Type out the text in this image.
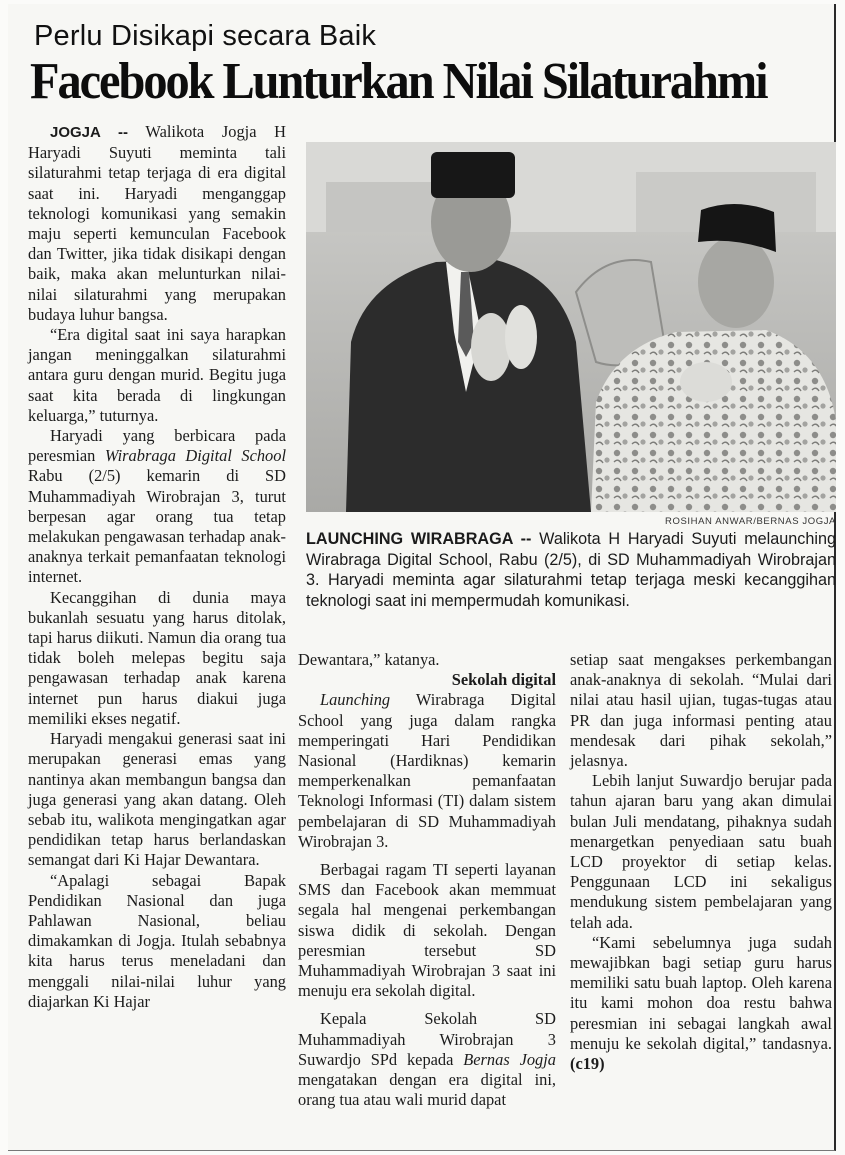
Perlu Disikapi secara Baik
Facebook Lunturkan Nilai Silaturahmi

JOGJA -- Walikota Jogja H Haryadi Suyuti meminta tali silaturahmi tetap terjaga di era digital saat ini. Haryadi menganggap teknologi komunikasi yang semakin maju seperti kemunculan Facebook dan Twitter, jika tidak disikapi dengan baik, maka akan melunturkan nilai-nilai silaturahmi yang merupakan budaya luhur bangsa.

“Era digital saat ini saya harapkan jangan meninggalkan silaturahmi antara guru dengan murid. Begitu juga saat kita berada di lingkungan keluarga,” tuturnya.

Haryadi yang berbicara pada peresmian Wirabraga Digital School Rabu (2/5) kemarin di SD Muhammadiyah Wirobrajan 3, turut berpesan agar orang tua tetap melakukan pengawasan terhadap anak-anaknya terkait pemanfaatan teknologi internet.

Kecanggihan di dunia maya bukanlah sesuatu yang harus ditolak, tapi harus diikuti. Namun dia orang tua tidak boleh melepas begitu saja pengawasan terhadap anak karena internet pun harus diakui juga memiliki ekses negatif.

Haryadi mengakui generasi saat ini merupakan generasi emas yang nantinya akan membangun bangsa dan juga generasi yang akan datang. Oleh sebab itu, walikota mengingatkan agar pendidikan tetap harus berlandaskan semangat dari Ki Hajar Dewantara.

“Apalagi sebagai Bapak Pendidikan Nasional dan juga Pahlawan Nasional, beliau dimakamkan di Jogja. Itulah sebabnya kita harus terus meneladani dan menggali nilai-nilai luhur yang diajarkan Ki Hajar

ROSIHAN ANWAR/BERNAS JOGJA
LAUNCHING WIRABRAGA -- Walikota H Haryadi Suyuti melaunching Wirabraga Digital School, Rabu (2/5), di SD Muhammadiyah Wirobrajan 3. Haryadi meminta agar silaturahmi tetap terjaga meski kecanggihan teknologi saat ini mempermudah komunikasi.

Dewantara,” katanya.

Sekolah digital

Launching Wirabraga Digital School yang juga dalam rangka memperingati Hari Pendidikan Nasional (Hardiknas) kemarin memperkenalkan pemanfaatan Teknologi Informasi (TI) dalam sistem pembelajaran di SD Muhammadiyah Wirobrajan 3.

Berbagai ragam TI seperti layanan SMS dan Facebook akan memmuat segala hal mengenai perkembangan siswa didik di sekolah. Dengan peresmian tersebut SD Muhammadiyah Wirobrajan 3 saat ini menuju era sekolah digital.

Kepala Sekolah SD Muhammadiyah Wirobrajan 3 Suwardjo SPd kepada Bernas Jogja mengatakan dengan era digital ini, orang tua atau wali murid dapat

setiap saat mengakses perkembangan anak-anaknya di sekolah. “Mulai dari nilai atau hasil ujian, tugas-tugas atau PR dan juga informasi penting atau mendesak dari pihak sekolah,” jelasnya.

Lebih lanjut Suwardjo berujar pada tahun ajaran baru yang akan dimulai bulan Juli mendatang, pihaknya sudah menargetkan penyediaan satu buah LCD proyektor di setiap kelas. Penggunaan LCD ini sekaligus mendukung sistem pembelajaran yang telah ada.

“Kami sebelumnya juga sudah mewajibkan bagi setiap guru harus memiliki satu buah laptop. Oleh karena itu kami mohon doa restu bahwa peresmian ini sebagai langkah awal menuju ke sekolah digital,” tandasnya. (c19)
